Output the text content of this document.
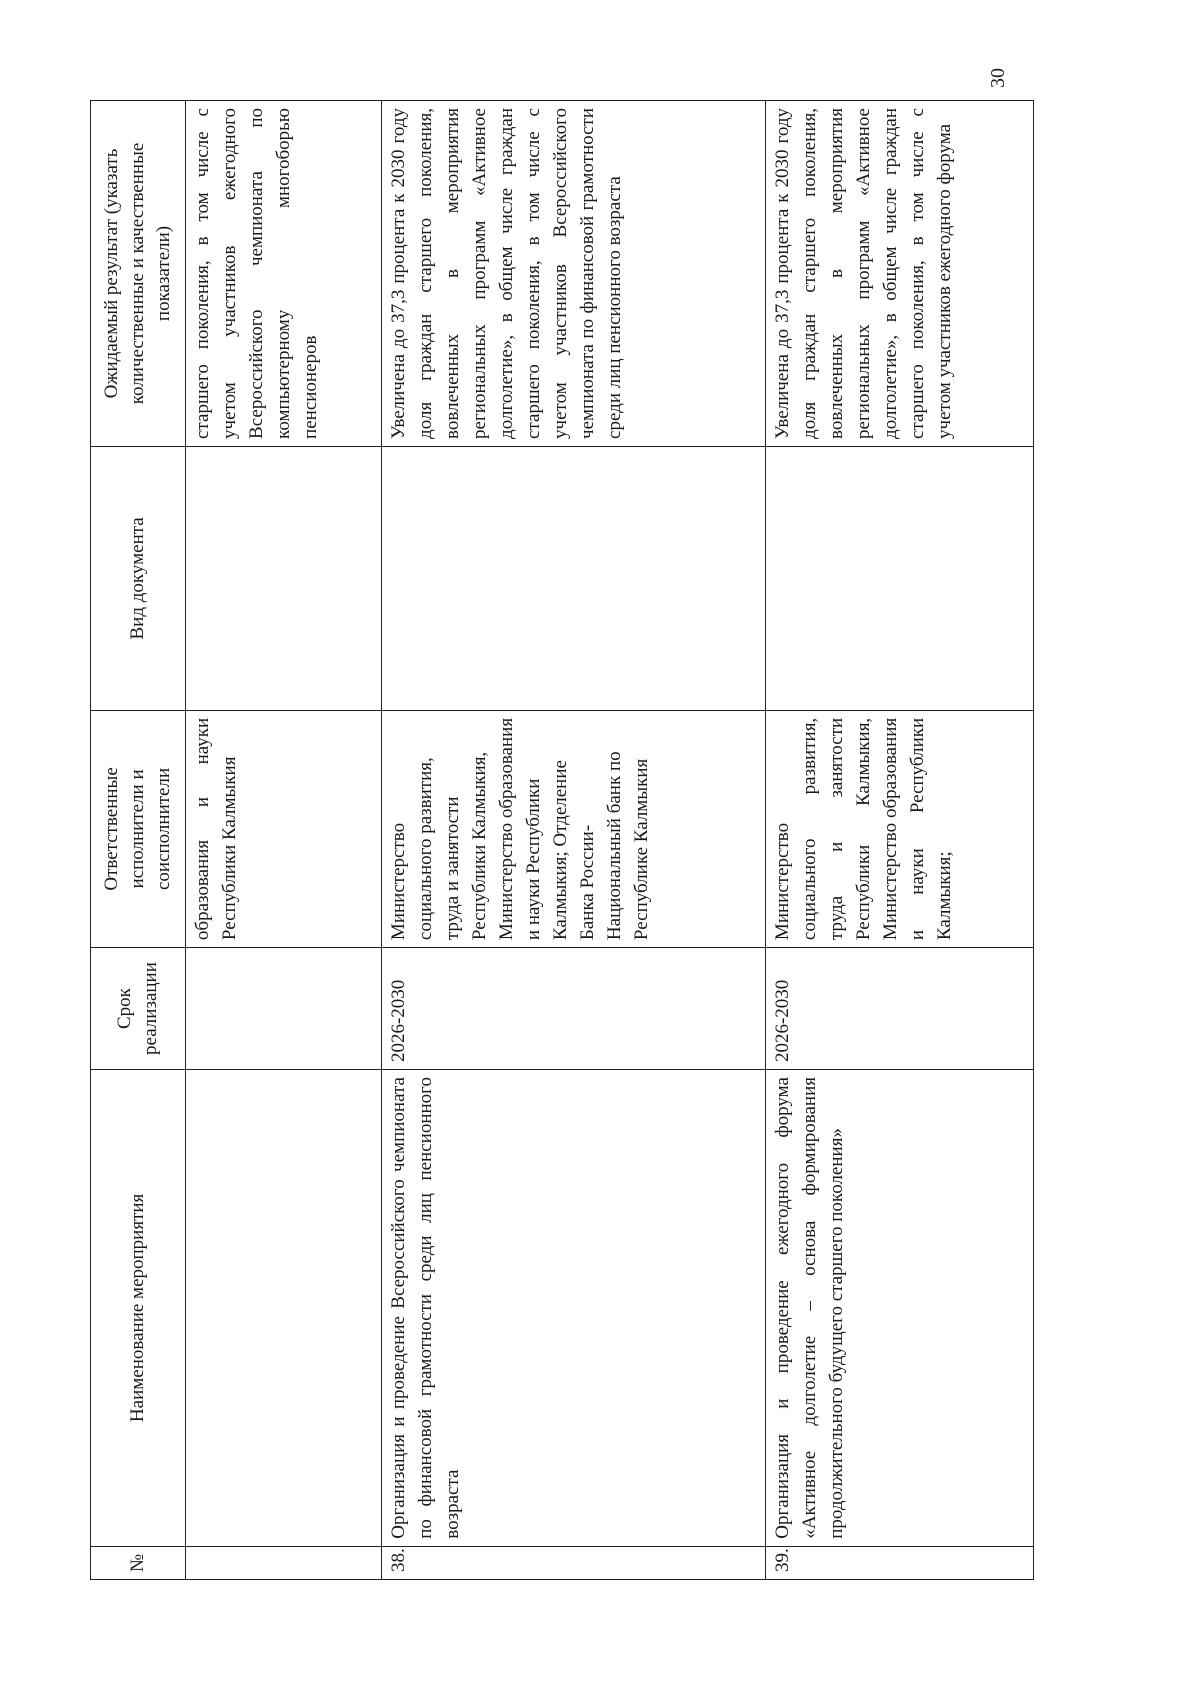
№	Наименование мероприятия	Срок реализации	Ответственные исполнители и соисполнители	Вид документа	Ожидаемый результат (указать количественные и качественные показатели)
			образования и науки Республики Калмыкия		старшего поколения, в том числе с учетом участников ежегодного Всероссийского чемпионата по компьютерному многоборью пенсионеров
38.	Организация и проведение Всероссийского чемпионата по финансовой грамотности среди лиц пенсионного возраста	2026-2030	Министерство социального развития, труда и занятости Республики Калмыкия, Министерство образования и науки Республики Калмыкия; Отделение Банка России-Национальный банк по Республике Калмыкия		Увеличена до 37,3 процента к 2030 году доля граждан старшего поколения, вовлеченных в мероприятия региональных программ «Активное долголетие», в общем числе граждан старшего поколения, в том числе с учетом участников Всероссийского чемпионата по финансовой грамотности среди лиц пенсионного возраста
39.	Организация и проведение ежегодного форума «Активное долголетие – основа формирования продолжительного будущего старшего поколения»	2026-2030	Министерство социального развития, труда и занятости Республики Калмыкия, Министерство образования и науки Республики Калмыкия;		Увеличена до 37,3 процента к 2030 году доля граждан старшего поколения, вовлеченных в мероприятия региональных программ «Активное долголетие», в общем числе граждан старшего поколения, в том числе с учетом участников ежегодного форума
30
